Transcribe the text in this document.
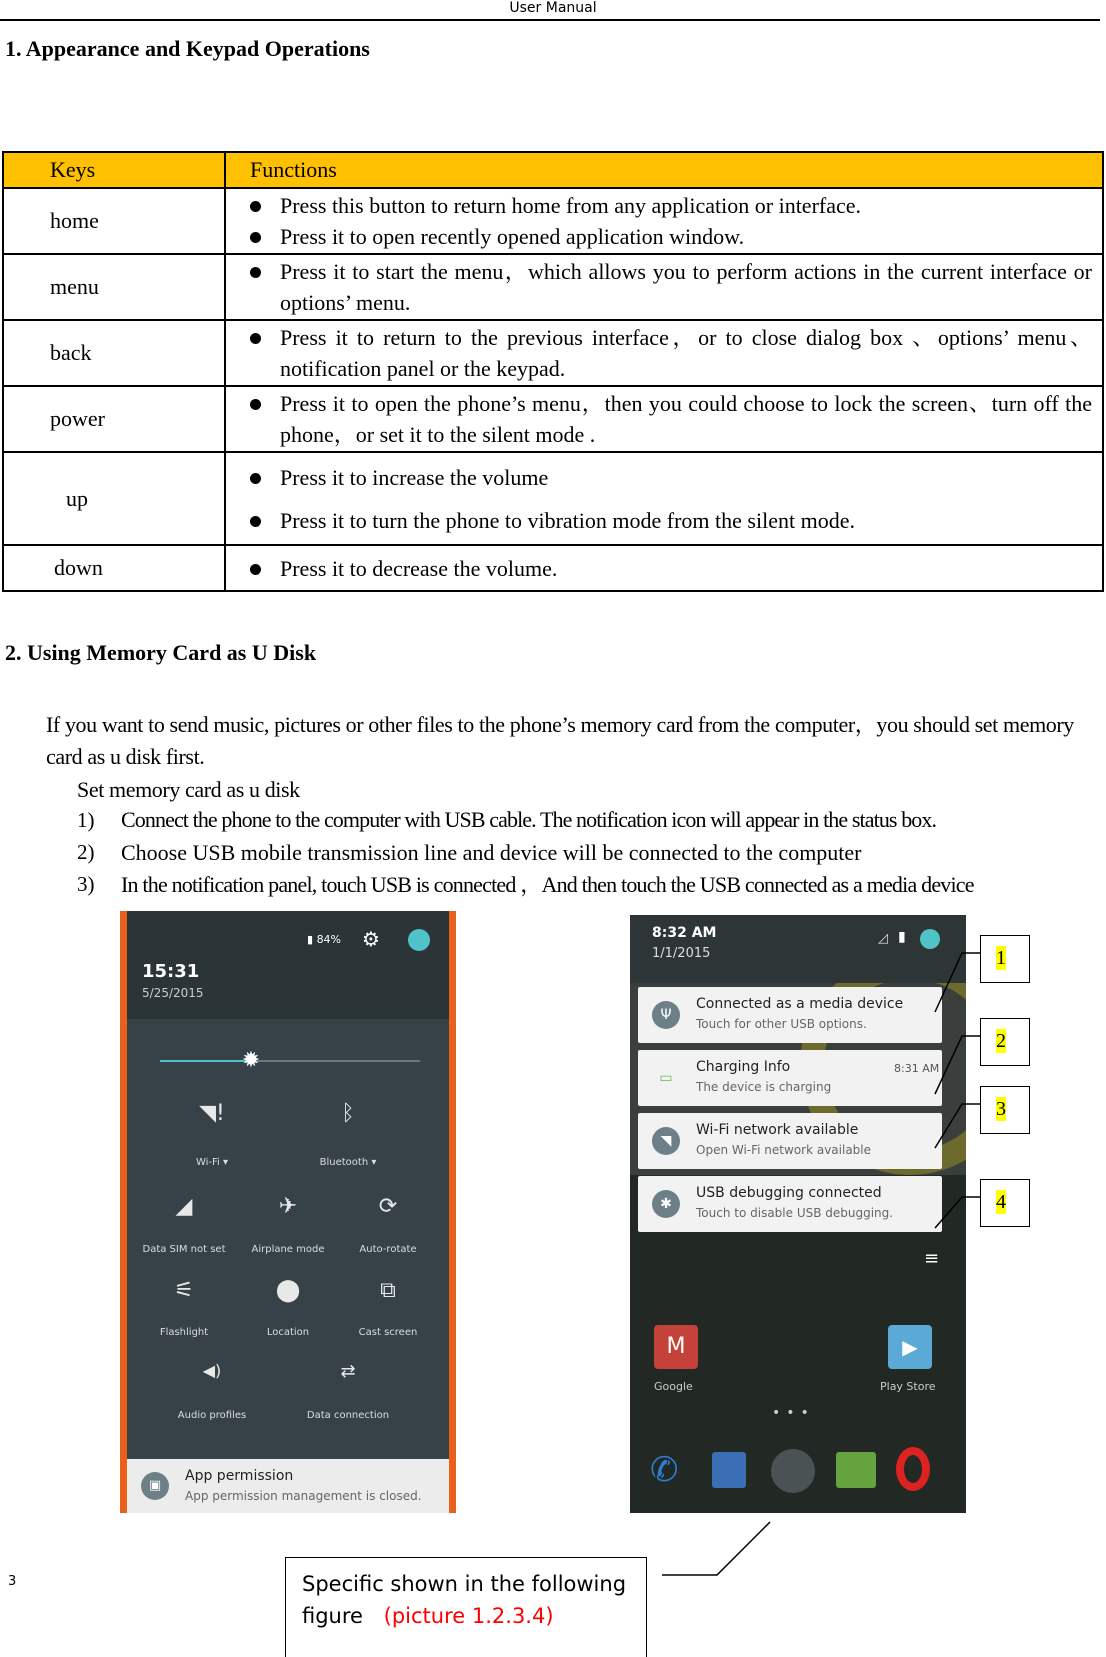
User Manual
1. Appearance and Keypad Operations
Keys	Functions
home	Press this button to return home from any application or interface.
Press it to open recently opened application window.

menu	Press it to start the menu，which allows you to perform actions in the current interface or options’ menu.

back	Press it to return to the previous interface，or to close dialog box 、options’ menu、notification panel or the keypad.

power	Press it to open the phone’s menu，then you could choose to lock the screen、turn off the phone，or set it to the silent mode .

up	Press it to increase the volume
Press it to turn the phone to vibration mode from the silent mode.

down	Press it to decrease the volume.
2. Using Memory Card as U Disk
If you want to send music, pictures or other files to the phone’s memory card from the computer，you should set memory card as u disk first.
Set memory card as u disk
1) Connect the phone to the computer with USB cable. The notification icon will appear in the status box.
2) Choose USB mobile transmission line and device will be connected to the computer
3) In the notification panel, touch USB is connected ，And then touch the USB connected as a media device
▮ 84% ⚙
15:31
5/25/2015
✹
◥!
Wi-Fi ▾
ᛒ
Bluetooth ▾
◢
Data SIM not set
✈
Airplane mode
⟳
Auto-rotate
⚟
Flashlight
⬤
Location
⧉
Cast screen
◀)
Audio profiles
⇄
Data connection
▣
App permission
App permission management is closed.
8:32 AM
1/1/2015
◿ ▮
Ψ
Connected as a media device
Touch for other USB options.
▭
Charging Info
The device is charging
8:31 AM
◥
Wi-Fi network available
Open Wi-Fi network available
✱
USB debugging connected
Touch to disable USB debugging.
≡
M
Google
▶
Play Store
•••
✆
1
2
3
4
Specific shown in the following figure (picture 1.2.3.4)
3
